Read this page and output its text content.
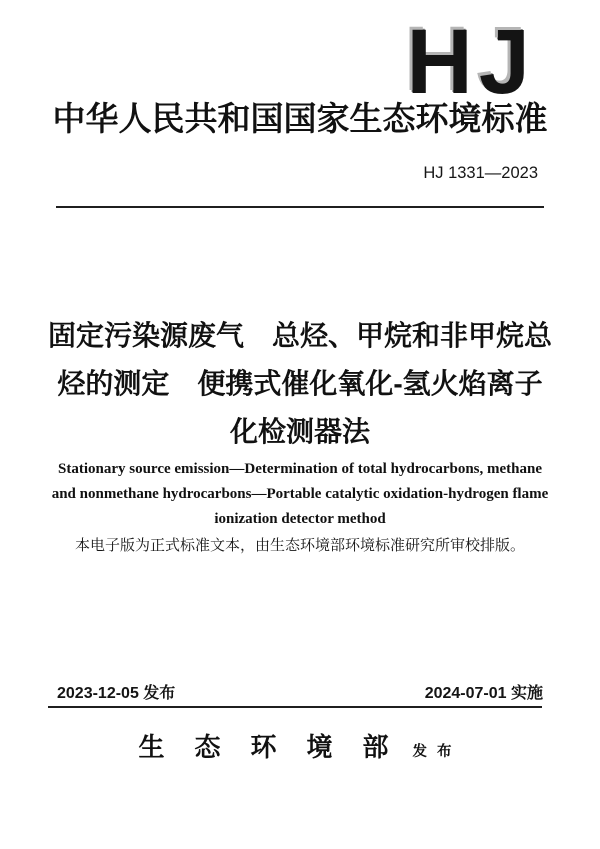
HJ
中华人民共和国国家生态环境标准
HJ 1331—2023
固定污染源废气　总烃、甲烷和非甲烷总
烃的测定　便携式催化氧化-氢火焰离子
化检测器法
Stationary source emission—Determination of total hydrocarbons, methane
and nonmethane hydrocarbons—Portable catalytic oxidation-hydrogen flame
ionization detector method
本电子版为正式标准文本，由生态环境部环境标准研究所审校排版。
2023-12-05 发布	2024-07-01 实施
生态环境部
发布
